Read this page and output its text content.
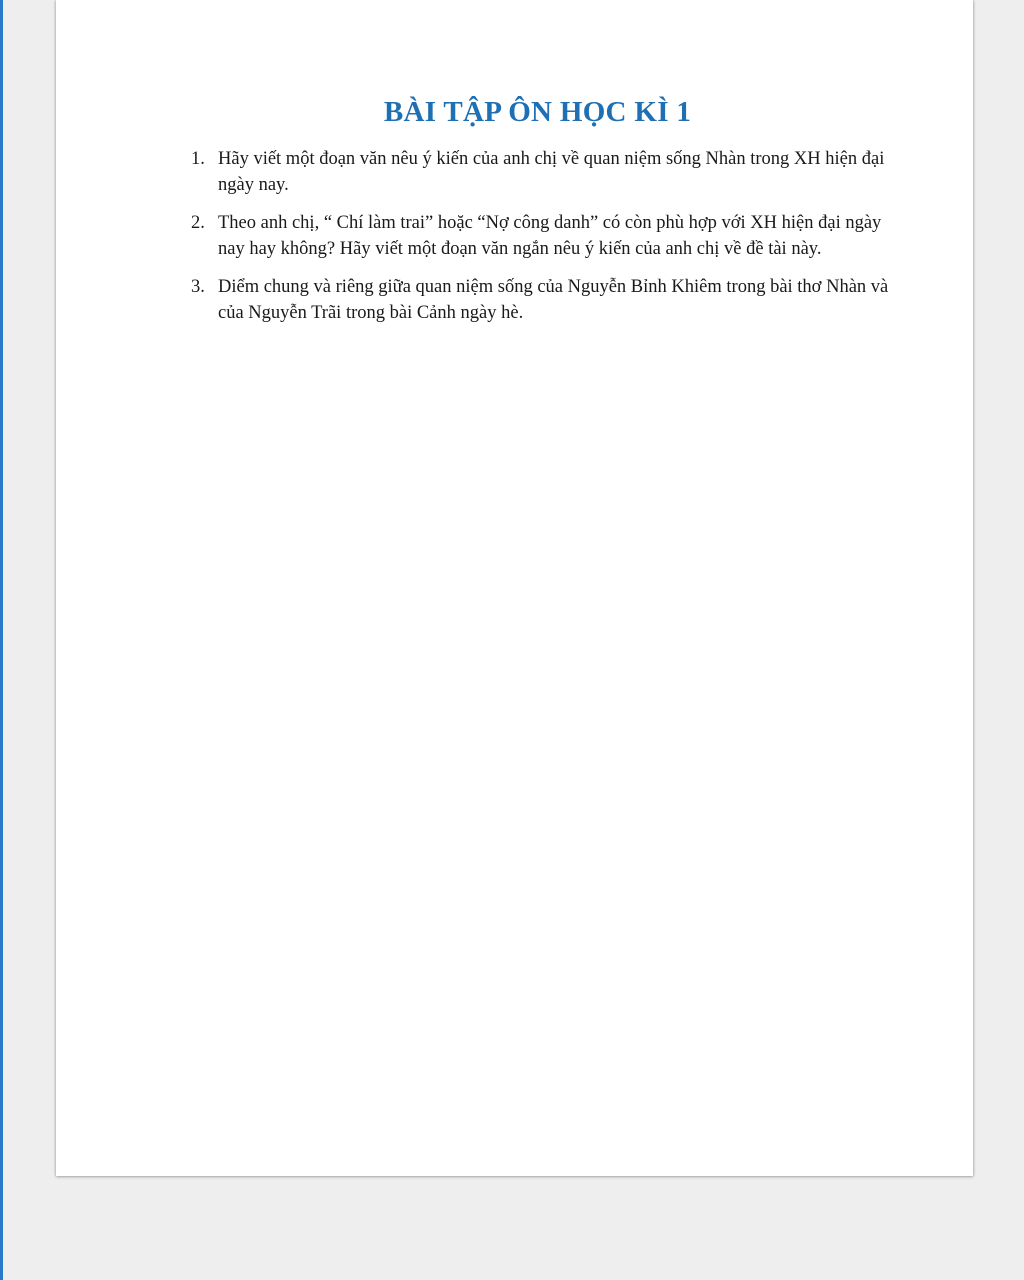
BÀI TẬP ÔN HỌC KÌ 1
1. Hãy viết một đoạn văn nêu ý kiến của anh chị về quan niệm sống Nhàn trong XH hiện đại ngày nay.
2. Theo anh chị, “ Chí làm trai” hoặc “Nợ công danh” có còn phù hợp với XH hiện đại ngày nay hay không? Hãy viết một đoạn văn ngắn nêu ý kiến của anh chị về đề tài này.
3. Diểm chung và riêng giữa quan niệm sống của Nguyễn Bỉnh Khiêm trong bài thơ Nhàn và của Nguyễn Trãi trong bài Cảnh ngày hè.
